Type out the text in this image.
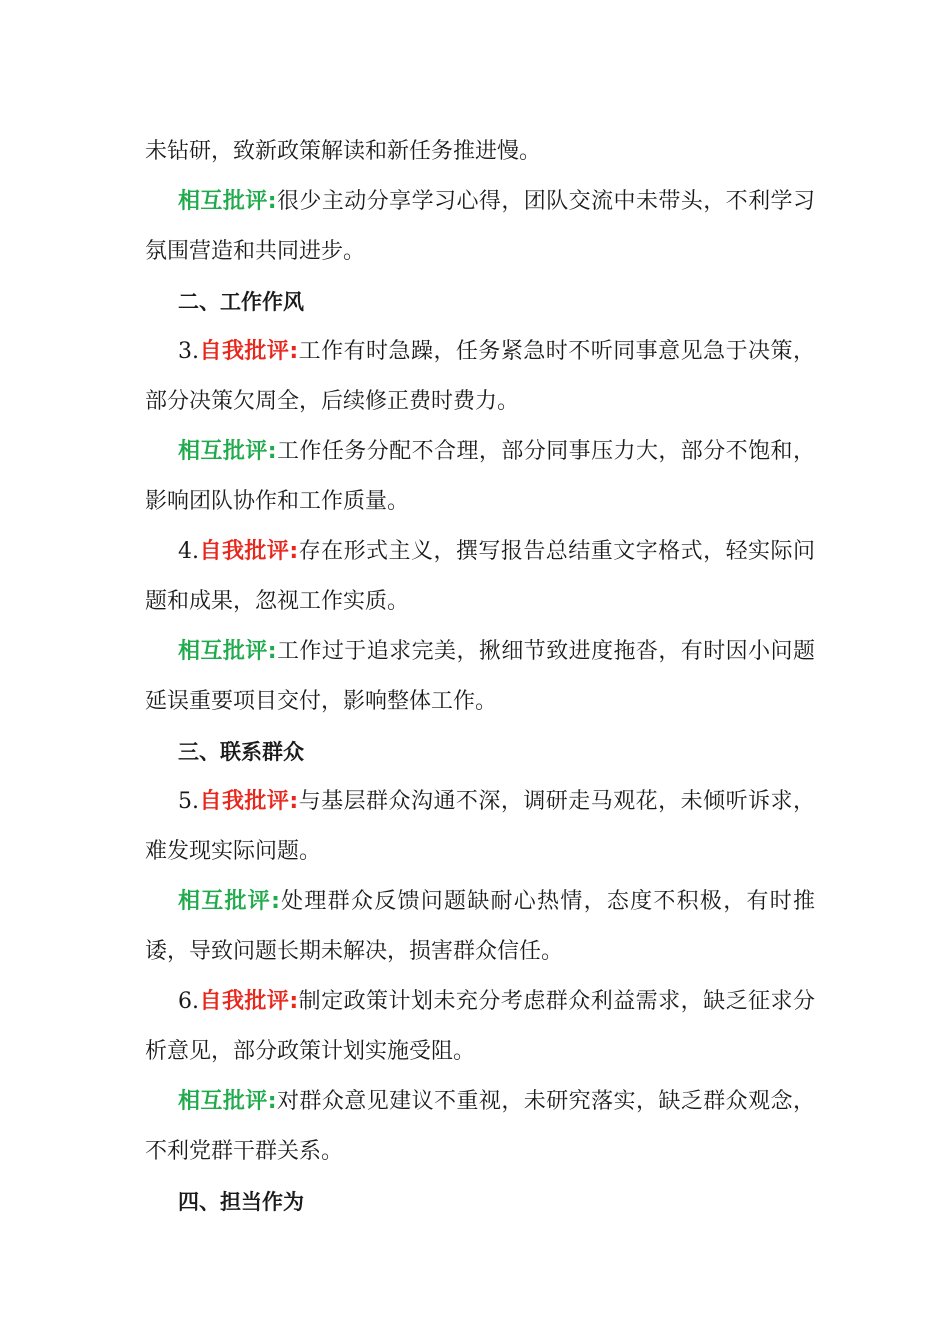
未钻研，致新政策解读和新任务推进慢。

相互批评:很少主动分享学习心得，团队交流中未带头，不利学习氛围营造和共同进步。

二、工作作风

3.自我批评:工作有时急躁，任务紧急时不听同事意见急于决策，部分决策欠周全，后续修正费时费力。

相互批评:工作任务分配不合理，部分同事压力大，部分不饱和，影响团队协作和工作质量。

4.自我批评:存在形式主义，撰写报告总结重文字格式，轻实际问题和成果，忽视工作实质。

相互批评:工作过于追求完美，揪细节致进度拖沓，有时因小问题延误重要项目交付，影响整体工作。

三、联系群众

5.自我批评:与基层群众沟通不深，调研走马观花，未倾听诉求，难发现实际问题。

相互批评:处理群众反馈问题缺耐心热情，态度不积极，有时推诿，导致问题长期未解决，损害群众信任。

6.自我批评:制定政策计划未充分考虑群众利益需求，缺乏征求分析意见，部分政策计划实施受阻。

相互批评:对群众意见建议不重视，未研究落实，缺乏群众观念，不利党群干群关系。

四、担当作为
